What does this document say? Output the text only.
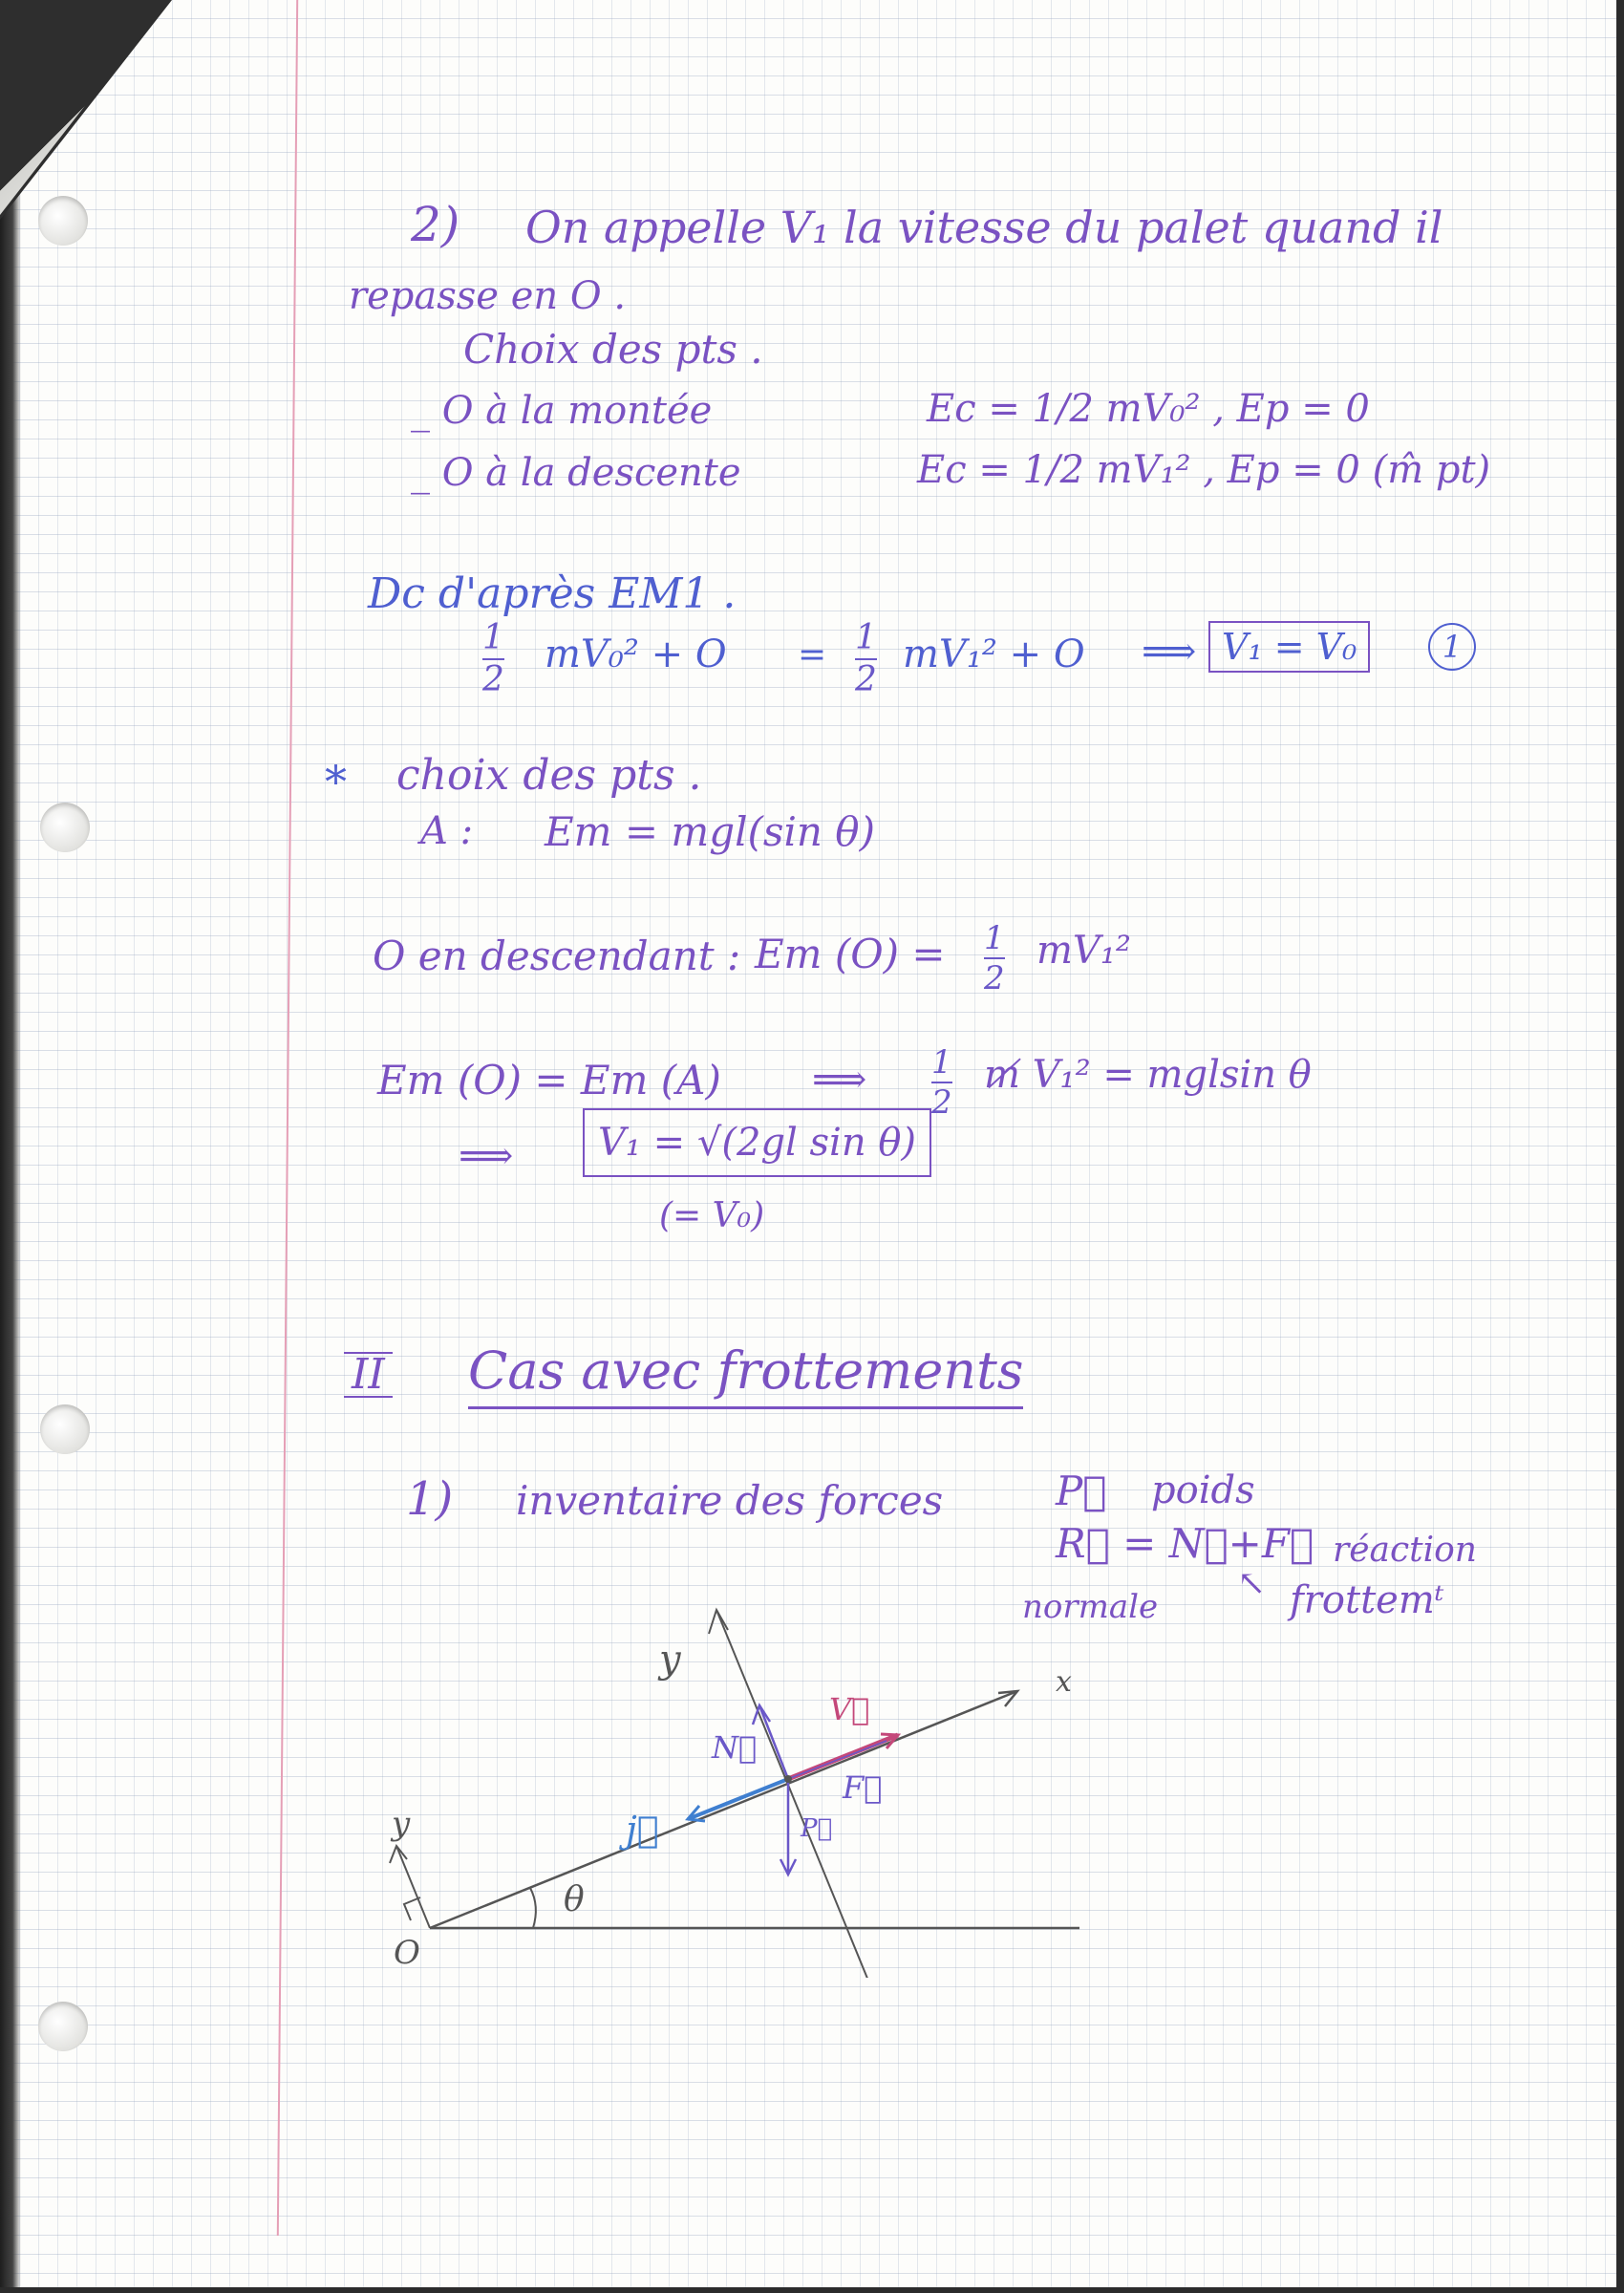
2) On appelle V₁ la vitesse du palet quand il
repasse en O .
Choix des pts .
_ O à la montée	Ec = 1/2 mV₀² , Ep = 0
_ O à la descente	Ec = 1/2 mV₁² , Ep = 0 (m̂ pt)
Dc d'après EM1 .
1
2
mV₀² + O = 1
2
mV₁² + O ⟹ V₁ = V₀	1
* choix des pts .
A : Em = mgl(sin θ)
O en descendant : Em (O) = 1
2
mV₁²
Em (O) = Em (A) ⟹ 1
2
m̸ V₁² = mglsin θ
⟹	V₁ = √(2gl sin θ)
(= V₀)
II Cas avec frottements
1) inventaire des forces	P⃗ poids
R⃗ = N⃗+F⃗ réaction
normale
↖ frottemᵗ
y
x
y
O
θ
N⃗
V⃗
F⃗
j⃗	P⃗
